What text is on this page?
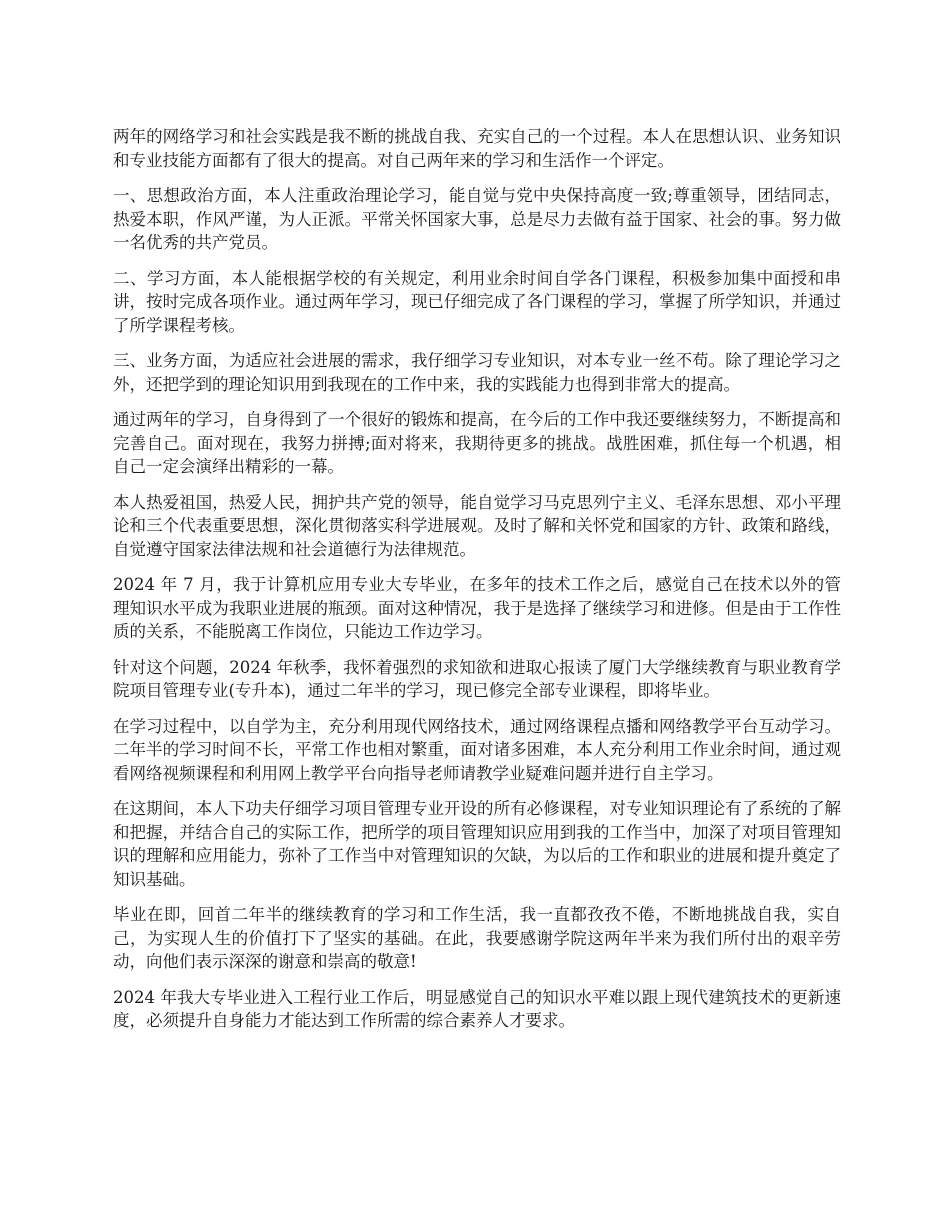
两年的网络学习和社会实践是我不断的挑战自我、充实自己的一个过程。本人在思想认识、业务知识和专业技能方面都有了很大的提高。对自己两年来的学习和生活作一个评定。

一、思想政治方面，本人注重政治理论学习，能自觉与党中央保持高度一致;尊重领导，团结同志，热爱本职，作风严谨，为人正派。平常关怀国家大事，总是尽力去做有益于国家、社会的事。努力做一名优秀的共产党员。

二、学习方面，本人能根据学校的有关规定，利用业余时间自学各门课程，积极参加集中面授和串讲，按时完成各项作业。通过两年学习，现已仔细完成了各门课程的学习，掌握了所学知识，并通过了所学课程考核。

三、业务方面，为适应社会进展的需求，我仔细学习专业知识，对本专业一丝不苟。除了理论学习之外，还把学到的理论知识用到我现在的工作中来，我的实践能力也得到非常大的提高。

通过两年的学习，自身得到了一个很好的锻炼和提高，在今后的工作中我还要继续努力，不断提高和完善自己。面对现在，我努力拼搏;面对将来，我期待更多的挑战。战胜困难，抓住每一个机遇，相自己一定会演绎出精彩的一幕。

本人热爱祖国，热爱人民，拥护共产党的领导，能自觉学习马克思列宁主义、毛泽东思想、邓小平理论和三个代表重要思想，深化贯彻落实科学进展观。及时了解和关怀党和国家的方针、政策和路线，自觉遵守国家法律法规和社会道德行为法律规范。

2024 年 7 月，我于计算机应用专业大专毕业，在多年的技术工作之后，感觉自己在技术以外的管理知识水平成为我职业进展的瓶颈。面对这种情况，我于是选择了继续学习和进修。但是由于工作性质的关系，不能脱离工作岗位，只能边工作边学习。

针对这个问题，2024 年秋季，我怀着强烈的求知欲和进取心报读了厦门大学继续教育与职业教育学院项目管理专业(专升本)，通过二年半的学习，现已修完全部专业课程，即将毕业。

在学习过程中，以自学为主，充分利用现代网络技术，通过网络课程点播和网络教学平台互动学习。二年半的学习时间不长，平常工作也相对繁重，面对诸多困难，本人充分利用工作业余时间，通过观看网络视频课程和利用网上教学平台向指导老师请教学业疑难问题并进行自主学习。

在这期间，本人下功夫仔细学习项目管理专业开设的所有必修课程，对专业知识理论有了系统的了解和把握，并结合自己的实际工作，把所学的项目管理知识应用到我的工作当中，加深了对项目管理知识的理解和应用能力，弥补了工作当中对管理知识的欠缺，为以后的工作和职业的进展和提升奠定了知识基础。

毕业在即，回首二年半的继续教育的学习和工作生活，我一直都孜孜不倦，不断地挑战自我，实自己，为实现人生的价值打下了坚实的基础。在此，我要感谢学院这两年半来为我们所付出的艰辛劳动，向他们表示深深的谢意和崇高的敬意!

2024 年我大专毕业进入工程行业工作后，明显感觉自己的知识水平难以跟上现代建筑技术的更新速度，必须提升自身能力才能达到工作所需的综合素养人才要求。
